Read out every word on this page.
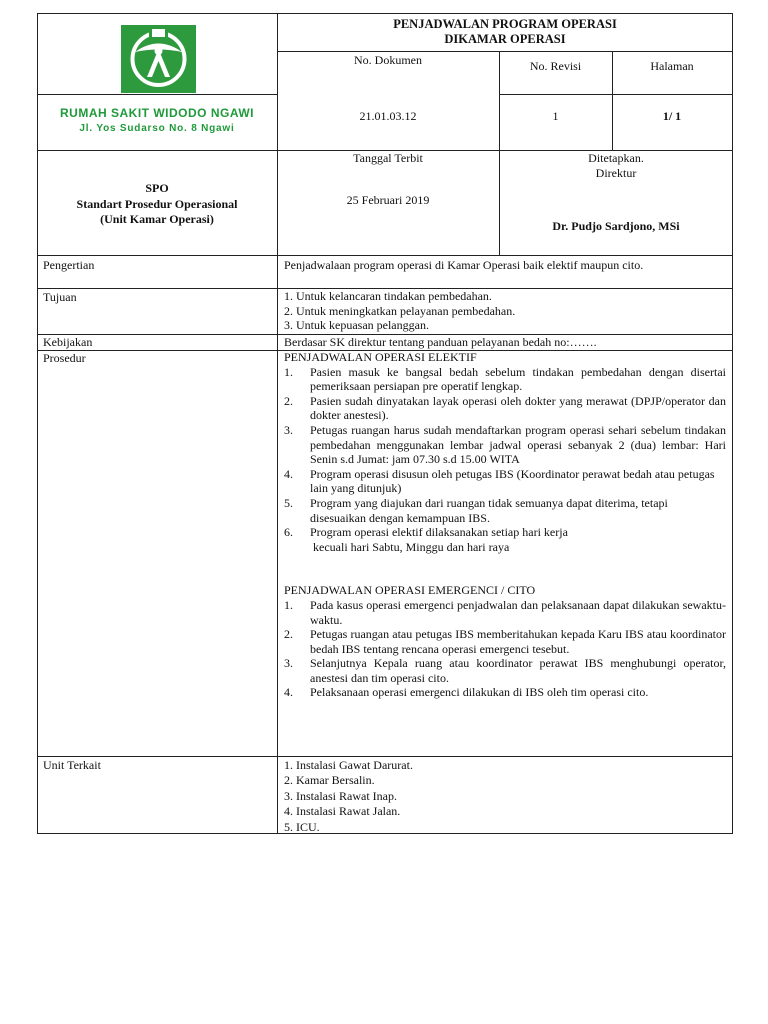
RUMAH SAKIT WIDODO NGAWI
Jl. Yos Sudarso No. 8 Ngawi
PENJADWALAN PROGRAM OPERASI
DIKAMAR OPERASI
No. Dokumen	No. Revisi	Halaman
21.01.03.12	1	1/ 1
SPO
Standart Prosedur Operasional
(Unit Kamar Operasi)
Tanggal Terbit
25 Februari 2019
Ditetapkan.
Direktur
Dr. Pudjo Sardjono, MSi
Pengertian	Penjadwalaan program operasi di Kamar Operasi baik elektif maupun cito.
Tujuan	1. Untuk kelancaran tindakan pembedahan.
2. Untuk meningkatkan pelayanan pembedahan.
3. Untuk kepuasan pelanggan.
Kebijakan	Berdasar SK direktur tentang panduan pelayanan bedah no:…….
Prosedur	PENJADWALAN OPERASI ELEKTIF
1. Pasien masuk ke bangsal bedah sebelum tindakan pembedahan dengan disertai pemeriksaan persiapan pre operatif lengkap.
2. Pasien sudah dinyatakan layak operasi oleh dokter yang merawat (DPJP/operator dan dokter anestesi).
3. Petugas ruangan harus sudah mendaftarkan program operasi sehari sebelum tindakan pembedahan menggunakan lembar jadwal operasi sebanyak 2 (dua) lembar: Hari Senin s.d Jumat: jam 07.30 s.d 15.00 WITA
4. Program operasi disusun oleh petugas IBS (Koordinator perawat bedah atau petugas lain yang ditunjuk)
5. Program yang diajukan dari ruangan tidak semuanya dapat diterima, tetapi disesuaikan dengan kemampuan IBS.
6. Program operasi elektif dilaksanakan setiap hari kerja
kecuali hari Sabtu, Minggu dan hari raya
PENJADWALAN OPERASI EMERGENCI / CITO
1. Pada kasus operasi emergenci penjadwalan dan pelaksanaan dapat dilakukan sewaktu-waktu.
2. Petugas ruangan atau petugas IBS memberitahukan kepada Karu IBS atau koordinator bedah IBS tentang rencana operasi emergenci tesebut.
3. Selanjutnya Kepala ruang atau koordinator perawat IBS menghubungi operator, anestesi dan tim operasi cito.
4. Pelaksanaan operasi emergenci dilakukan di IBS oleh tim operasi cito.
Unit Terkait	1. Instalasi Gawat Darurat.
2. Kamar Bersalin.
3. Instalasi Rawat Inap.
4. Instalasi Rawat Jalan.
5. ICU.
